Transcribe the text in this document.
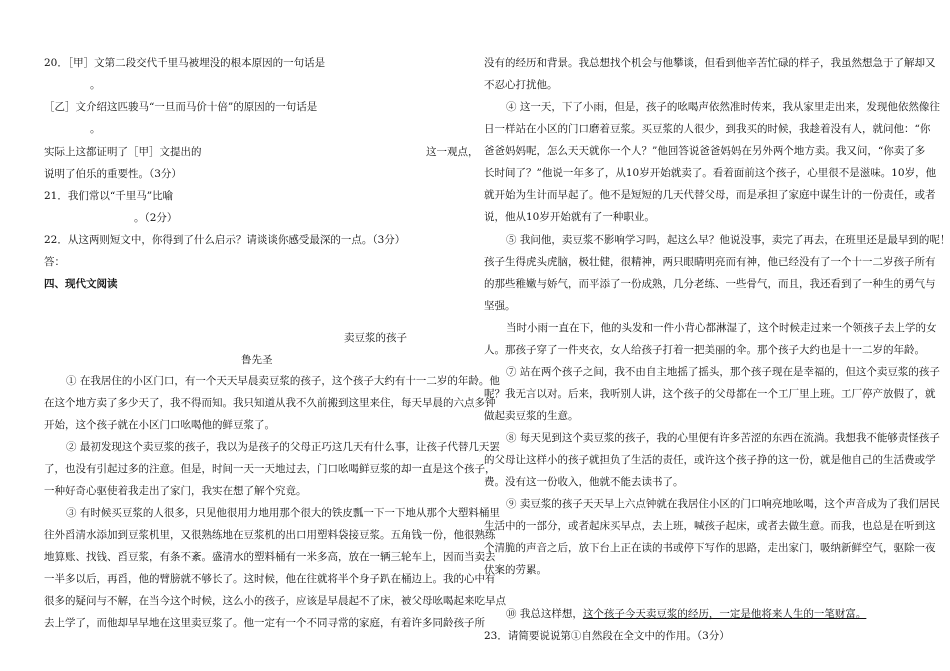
20．［甲］文第二段交代千里马被埋没的根本原因的一句话是
。
［乙］文介绍这匹骏马“一旦而马价十倍”的原因的一句话是
。
实际上这都证明了［甲］文提出的	这一观点，
说明了伯乐的重要性。（3分）
21．我们常以“千里马”比喻
。（2分）
22．从这两则短文中，你得到了什么启示？请谈谈你感受最深的一点。（3分）
答：
四、现代文阅读
卖豆浆的孩子
鲁先圣
① 在我居住的小区门口，有一个天天早晨卖豆浆的孩子，这个孩子大约有十一二岁的年龄。他
在这个地方卖了多少天了，我不得而知。我只知道从我不久前搬到这里来住，每天早晨的六点多钟
开始，这个孩子就在小区门口吆喝他的鲜豆浆了。
② 最初发现这个卖豆浆的孩子，我以为是孩子的父母正巧这几天有什么事，让孩子代替几天罢
了，也没有引起过多的注意。但是，时间一天一天地过去，门口吆喝鲜豆浆的却一直是这个孩子，
一种好奇心驱使着我走出了家门，我实在想了解个究竟。
③ 有时候买豆浆的人很多，只见他很用力地用那个很大的铁皮瓢一下一下地从那个大塑料桶里
往外舀清水添加到豆浆机里，又很熟练地在豆浆机的出口用塑料袋接豆浆。五角钱一份，他很熟练
地算账、找钱、舀豆浆，有条不紊。盛清水的塑料桶有一米多高，放在一辆三轮车上，因而当卖去
一半多以后，再舀，他的臂膀就不够长了。这时候，他在往就将半个身子趴在桶边上。我的心中有
很多的疑问与不解，在当今这个时候，这么小的孩子，应该是早晨起不了床，被父母吆喝起来吃早点
去上学了，而他却早早地在这里卖豆浆了。他一定有一个不同寻常的家庭，有着许多同龄孩子所
没有的经历和背景。我总想找个机会与他攀谈，但看到他辛苦忙碌的样子，我虽然想急于了解却又
不忍心打扰他。
④ 这一天，下了小雨，但是，孩子的吆喝声依然准时传来，我从家里走出来，发现他依然像往
日一样站在小区的门口磨着豆浆。买豆浆的人很少，到我买的时候，我趁着没有人，就问他：“你
爸爸妈妈呢，怎么天天就你一个人？”他回答说爸爸妈妈在另外两个地方卖。我又问，“你卖了多
长时间了？”他说一年多了，从10岁开始就卖了。看着面前这个孩子，心里很不是滋味。10岁，他
就开始为生计而早起了。他不是短短的几天代替父母，而是承担了家庭中谋生计的一份责任，或者
说，他从10岁开始就有了一种职业。
⑤ 我问他，卖豆浆不影响学习吗，起这么早？他说没事，卖完了再去，在班里还是最早到的呢！
孩子生得虎头虎脑，极壮健，很精神，两只眼睛明亮而有神，他已经没有了一个十一二岁孩子所有
的那些稚嫩与娇气，而平添了一份成熟，几分老练、一些骨气，而且，我还看到了一种生的勇气与
坚强。
当时小雨一直在下，他的头发和一件小背心都淋湿了，这个时候走过来一个领孩子去上学的女
人。那孩子穿了一件夹衣，女人给孩子打着一把美丽的伞。那个孩子大约也是十一二岁的年龄。
⑦ 站在两个孩子之间，我不由自主地摇了摇头，那个孩子现在是幸福的，但这个卖豆浆的孩子
呢？我无言以对。后来，我听别人讲，这个孩子的父母都在一个工厂里上班。工厂停产放假了，就
做起卖豆浆的生意。
⑧ 每天见到这个卖豆浆的孩子，我的心里便有许多苦涩的东西在流淌。我想我不能够责怪孩子
的父母让这样小的孩子就担负了生活的责任，或许这个孩子挣的这一份，就是他自己的生活费或学
费。没有这一份收入，他就不能去读书了。
⑨ 卖豆浆的孩子天天早上六点钟就在我居住小区的门口响亮地吆喝，这个声音成为了我们居民
生活中的一部分，或者起床买早点，去上班，喊孩子起床，或者去做生意。而我，也总是在听到这
个清脆的声音之后，放下台上正在读的书或停下写作的思路，走出家门，吸纳新鲜空气，驱除一夜
伏案的劳累。
⑩ 我总这样想，这个孩子今天卖豆浆的经历，一定是他将来人生的一笔财富。
23．请简要说说第①自然段在全文中的作用。（3分）
